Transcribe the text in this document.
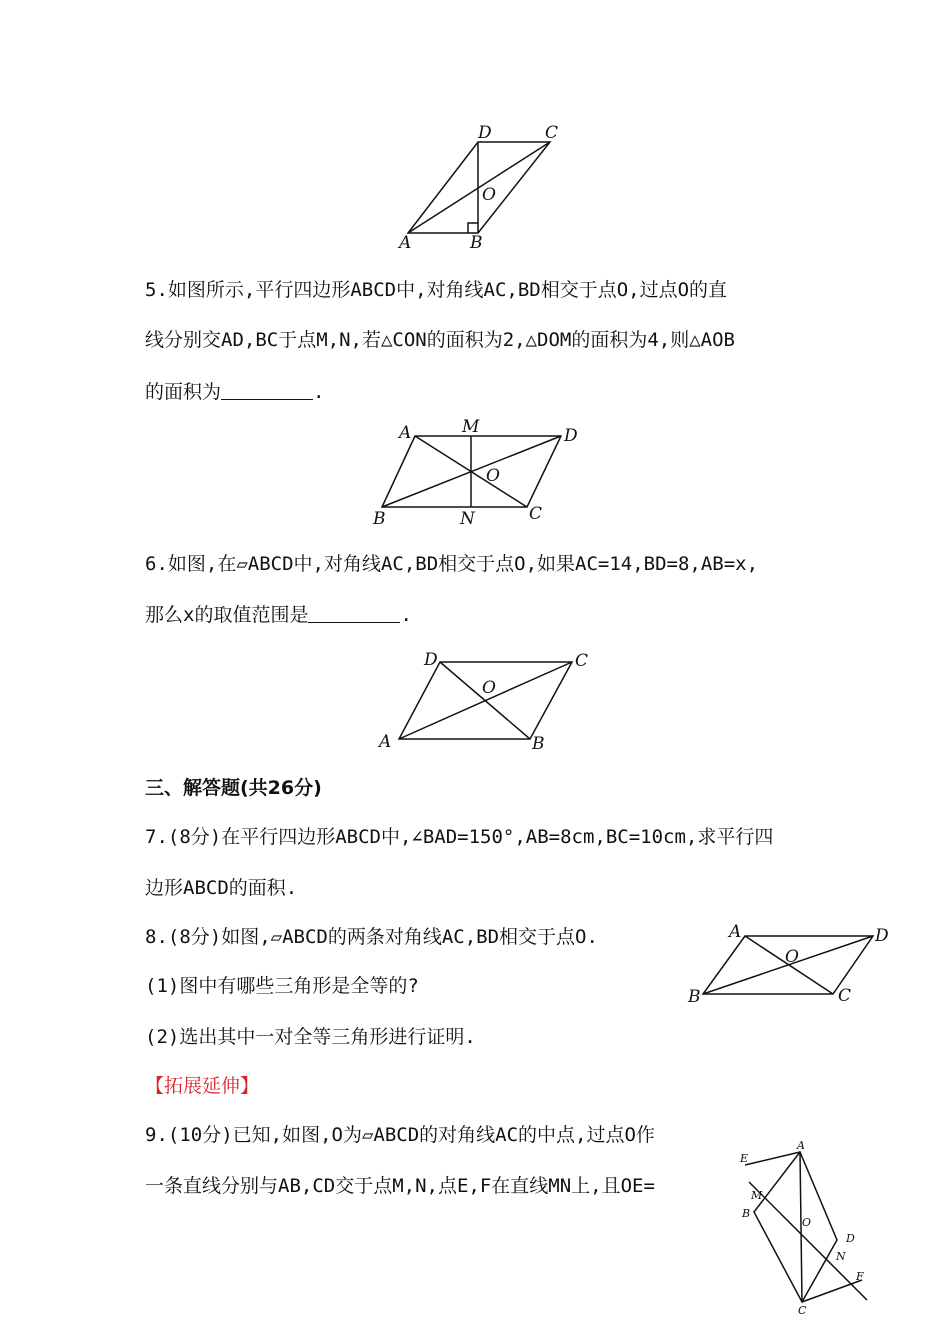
D	C
O
A	B
5.如图所示,平行四边形ABCD中,对角线AC,BD相交于点O,过点O的直
线分别交AD,BC于点M,N,若△CON的面积为2,△DOM的面积为4,则△AOB
的面积为	.
A	M	D
O
B	N	C
6.如图,在▱ABCD中,对角线AC,BD相交于点O,如果AC=14,BD=8,AB=x,
那么x的取值范围是	.
D	C
O
A	B
三、解答题(共26分)
7.(8分)在平行四边形ABCD中,∠BAD=150°,AB=8cm,BC=10cm,求平行四
边形ABCD的面积.
8.(8分)如图,▱ABCD的两条对角线AC,BD相交于点O.
(1)图中有哪些三角形是全等的?
(2)选出其中一对全等三角形进行证明.
A	D
O
B	C
【拓展延伸】
9.(10分)已知,如图,O为▱ABCD的对角线AC的中点,过点O作
一条直线分别与AB,CD交于点M,N,点E,F在直线MN上,且OE=
A
E
M
B
O
D
N
F
C
